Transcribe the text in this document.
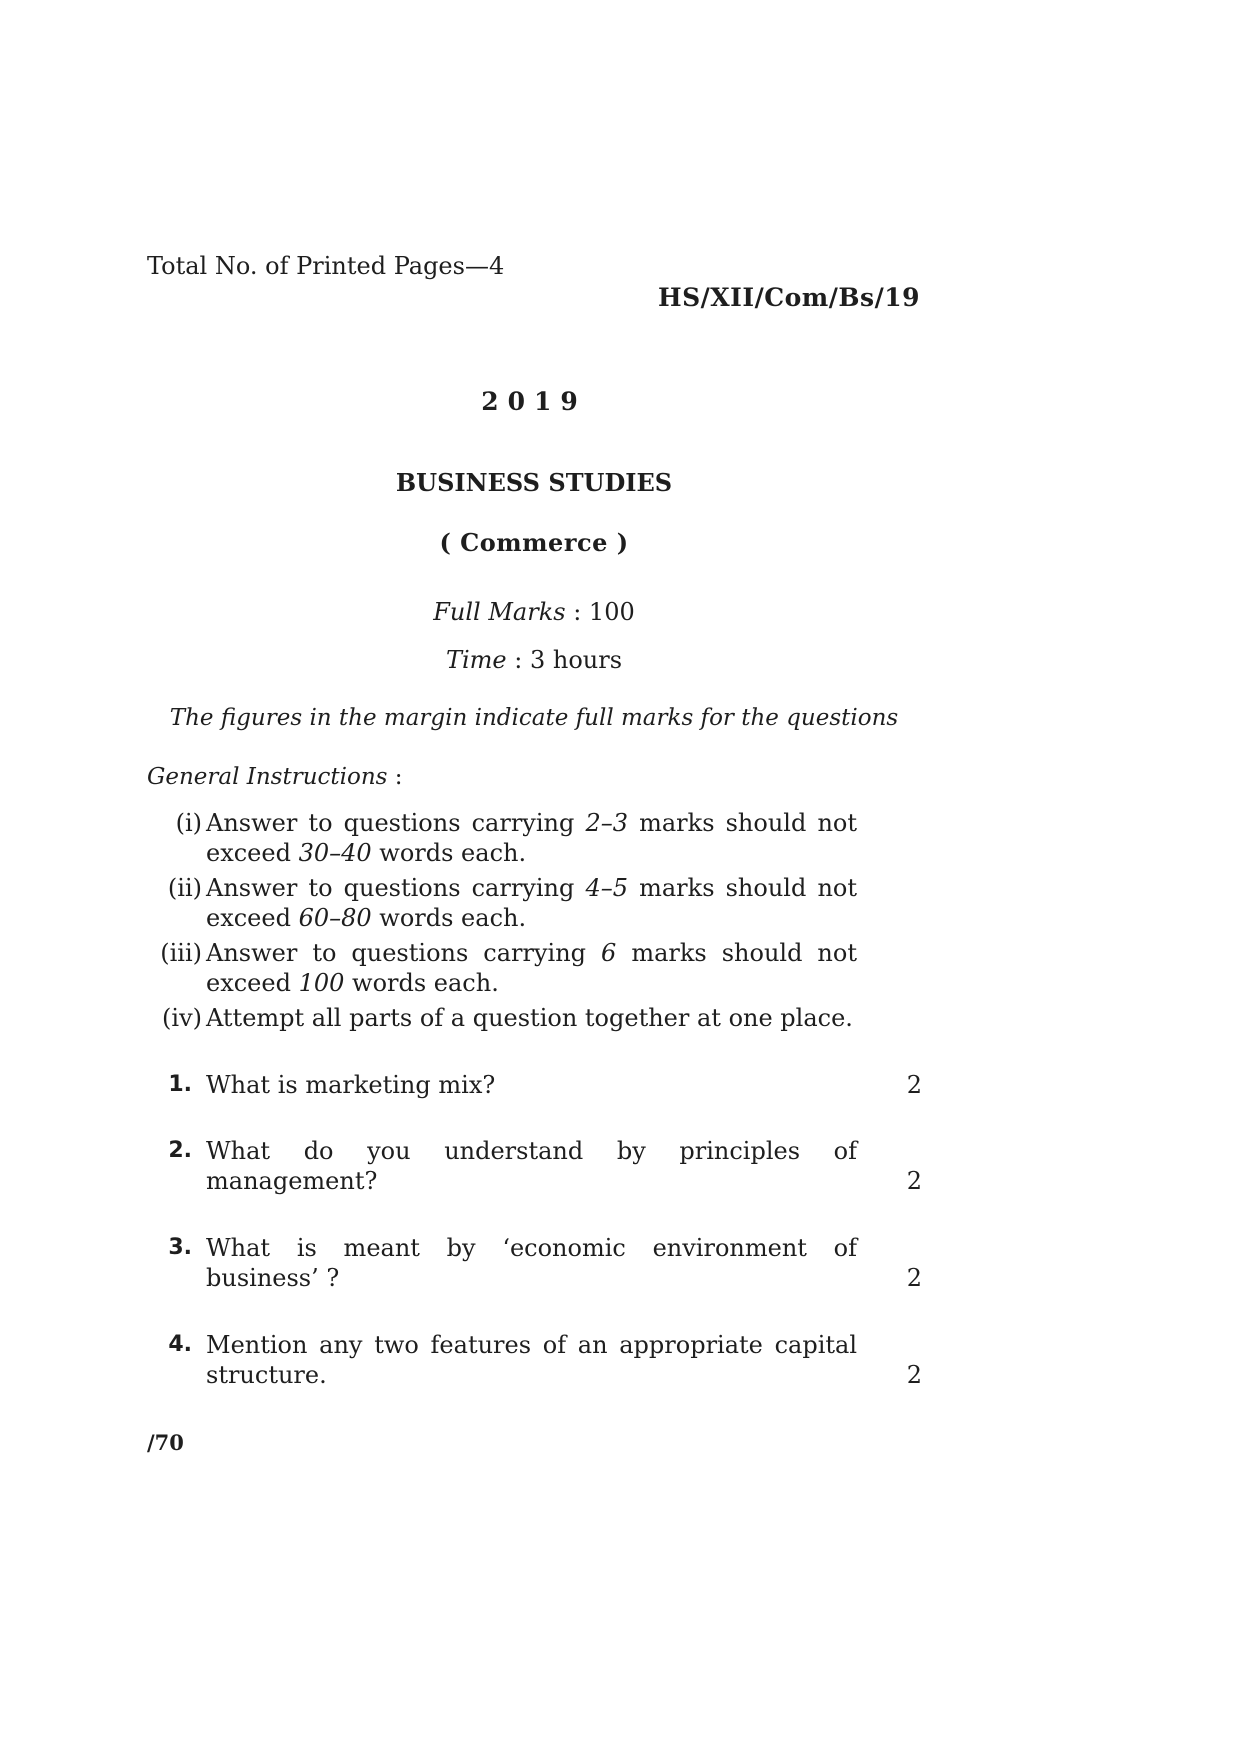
Total No. of Printed Pages—4
HS/XII/Com/Bs/19
2019
BUSINESS STUDIES
( Commerce )
Full Marks : 100
Time : 3 hours
The figures in the margin indicate full marks for the questions
General Instructions :
(i) Answer to questions carrying 2–3 marks should not exceed 30–40 words each.
(ii) Answer to questions carrying 4–5 marks should not exceed 60–80 words each.
(iii) Answer to questions carrying 6 marks should not exceed 100 words each.
(iv) Attempt all parts of a question together at one place.
1. What is marketing mix?	2
2. What do you understand by principles of
management?	2
3. What is meant by ‘economic environment of
business’ ?	2
4. Mention any two features of an appropriate capital
structure.	2
/70
